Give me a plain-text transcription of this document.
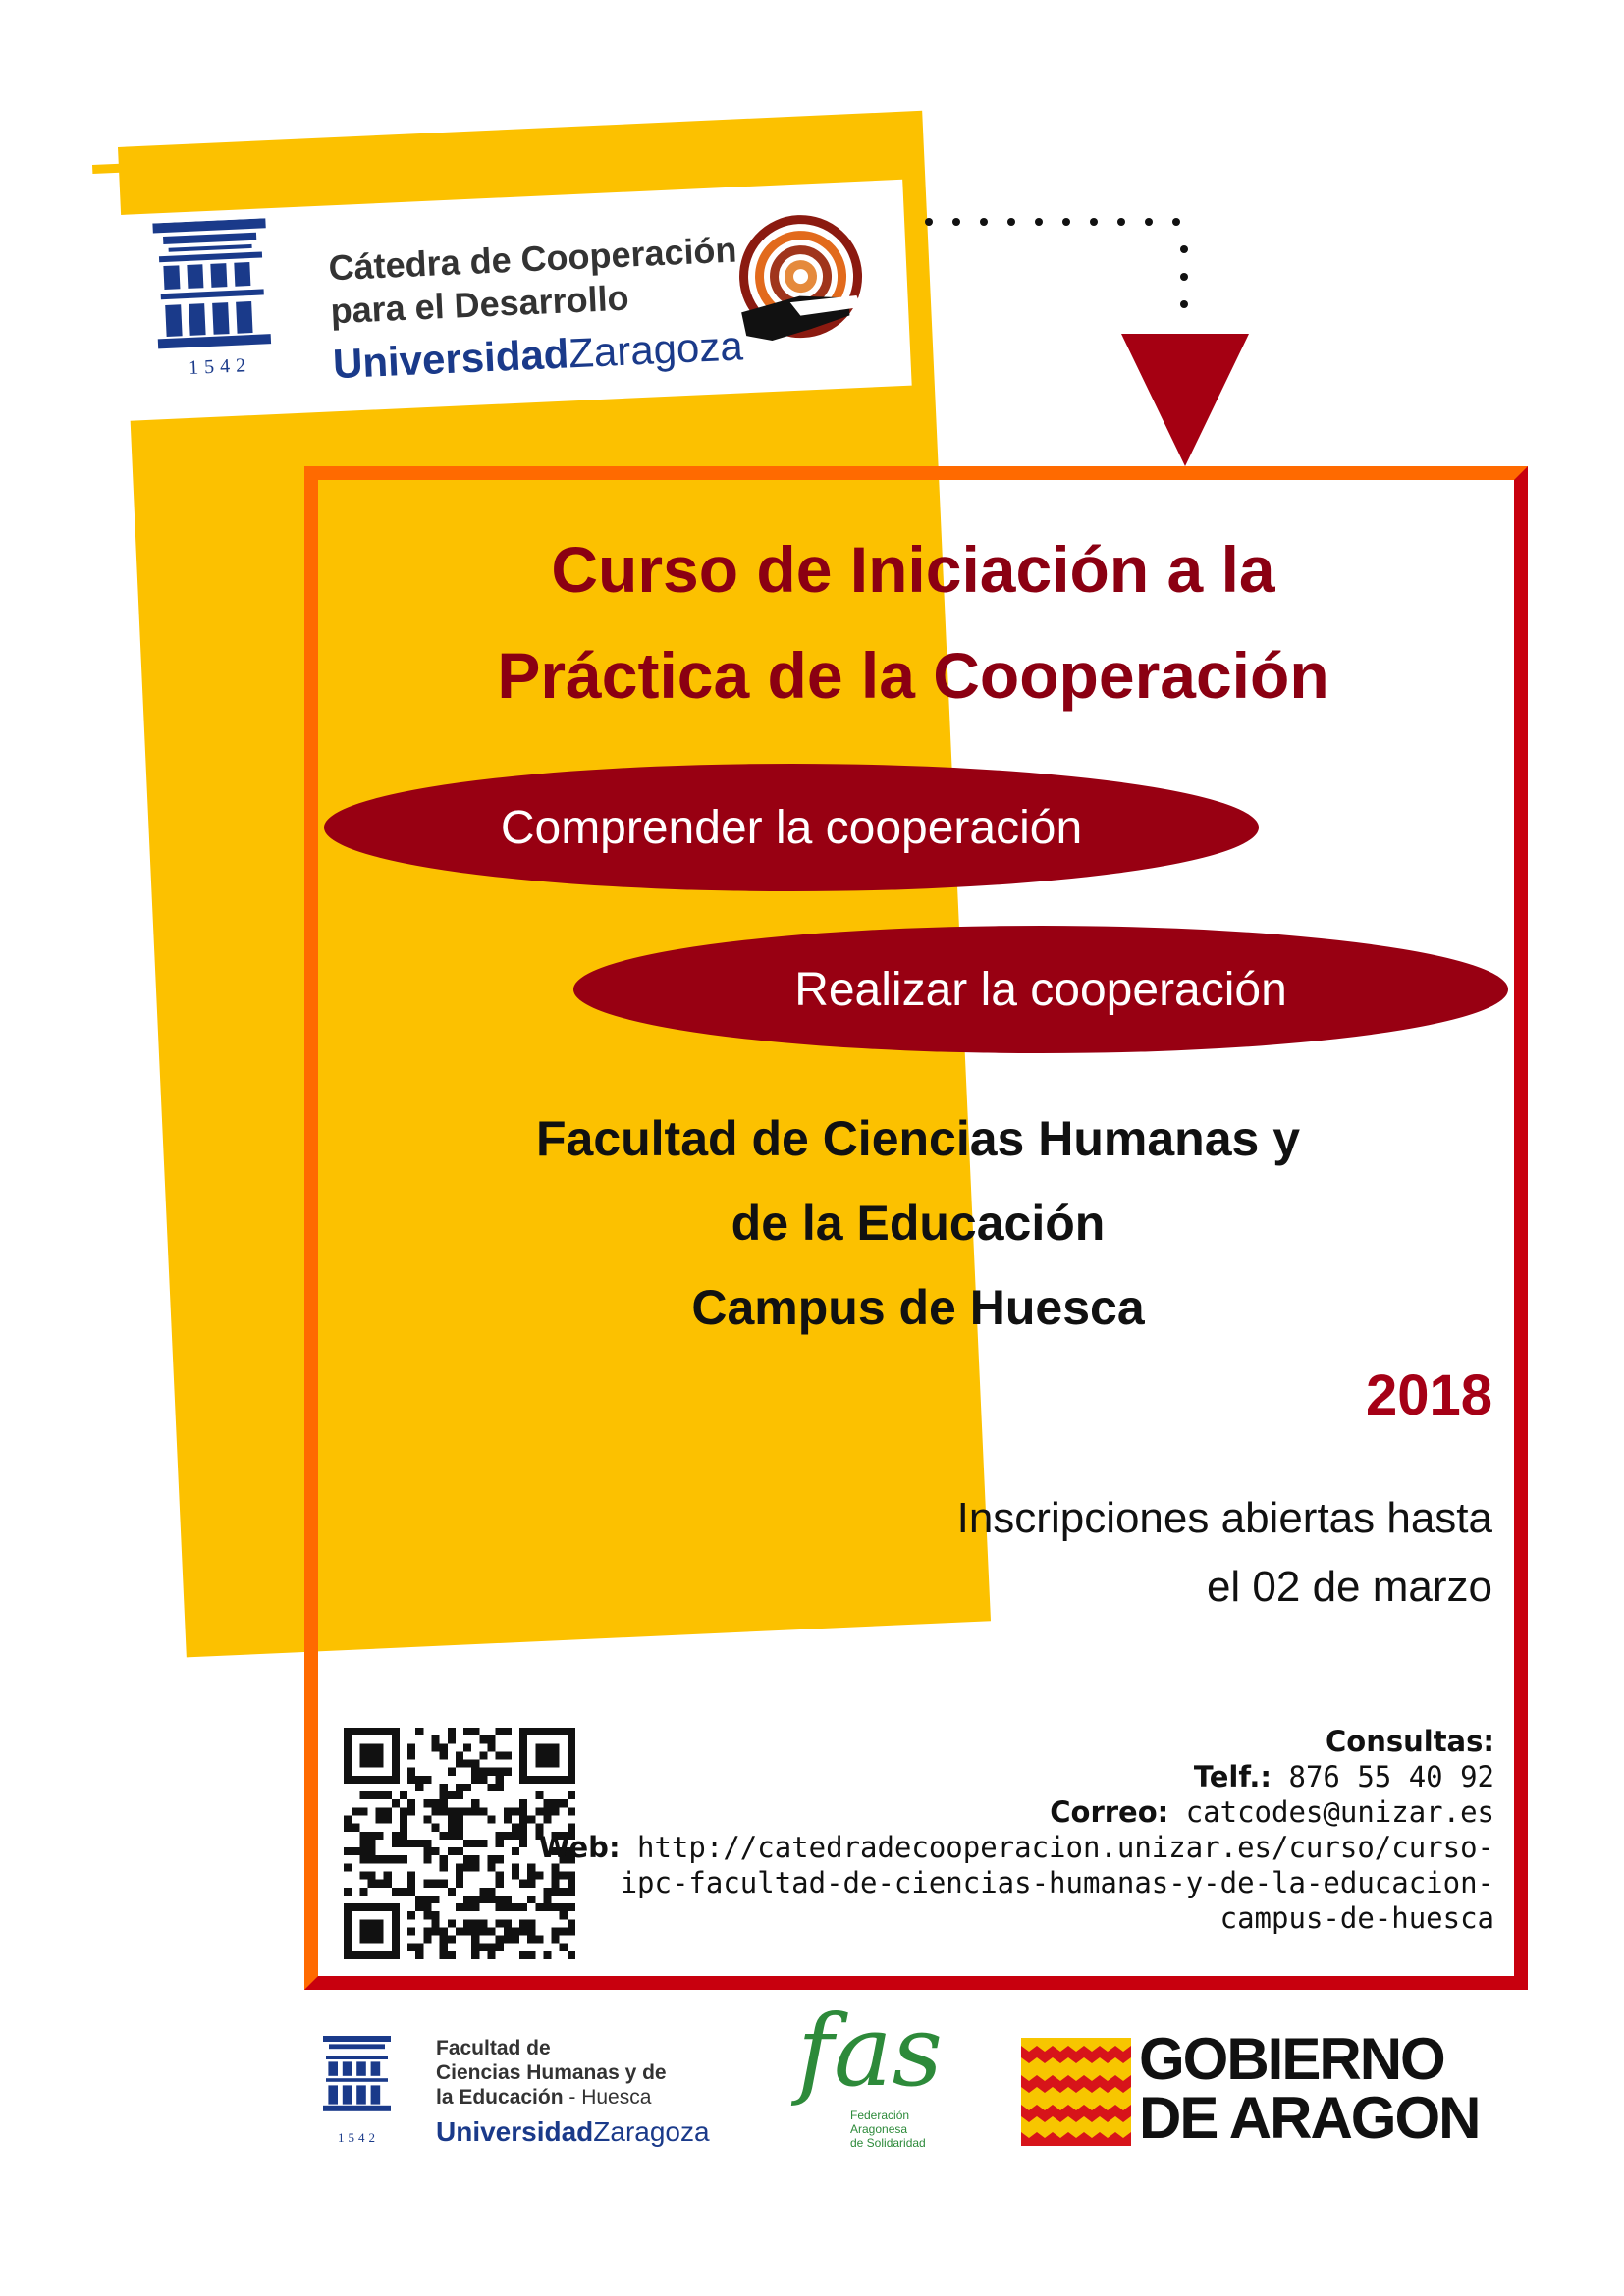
1542
Cátedra de Cooperación
para el Desarrollo
UniversidadZaragoza
Curso de Iniciación a la
Práctica de la Cooperación
Comprender la cooperación
Realizar la cooperación
Facultad de Ciencias Humanas y
de la Educación
Campus de Huesca
2018
Inscripciones abiertas hasta
el 02 de marzo
Consultas:
Telf.: 876 55 40 92
Correo: catcodes@unizar.es
Web: http://catedradecooperacion.unizar.es/curso/curso-
ipc-facultad-de-ciencias-humanas-y-de-la-educacion-
campus-de-huesca
1542
Facultad de
Ciencias Humanas y de
la Educación - Huesca
UniversidadZaragoza
fas
Federación
Aragonesa
de Solidaridad
GOBIERNO
DE ARAGON
